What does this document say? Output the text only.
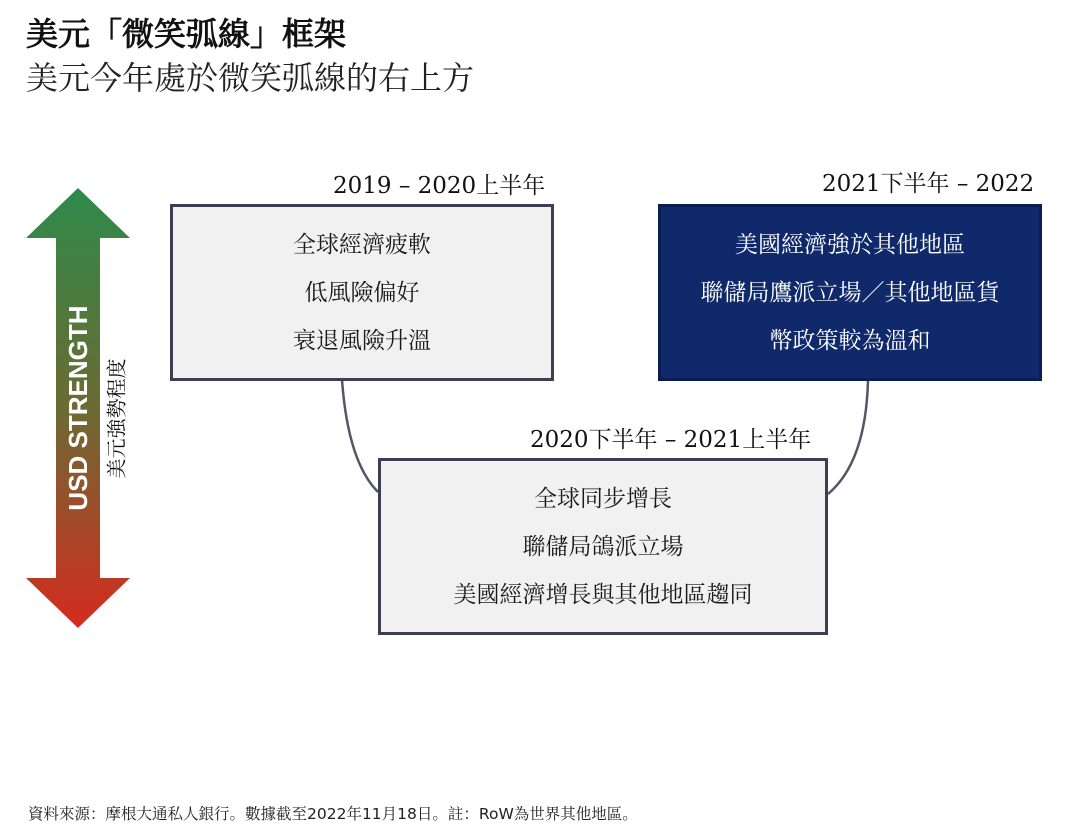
美元「微笑弧線」框架
美元今年處於微笑弧線的右上方
USD STRENGTH 美元強勢程度
2019 – 2020上半年
全球經濟疲軟
低風險偏好
衰退風險升溫
2020下半年 – 2021上半年
全球同步增長
聯儲局鴿派立場
美國經濟增長與其他地區趨同
2021下半年 – 2022
美國經濟強於其他地區
聯儲局鷹派立場／其他地區貨
幣政策較為溫和
資料來源：摩根大通私人銀行。數據截至2022年11月18日。註：RoW為世界其他地區。
